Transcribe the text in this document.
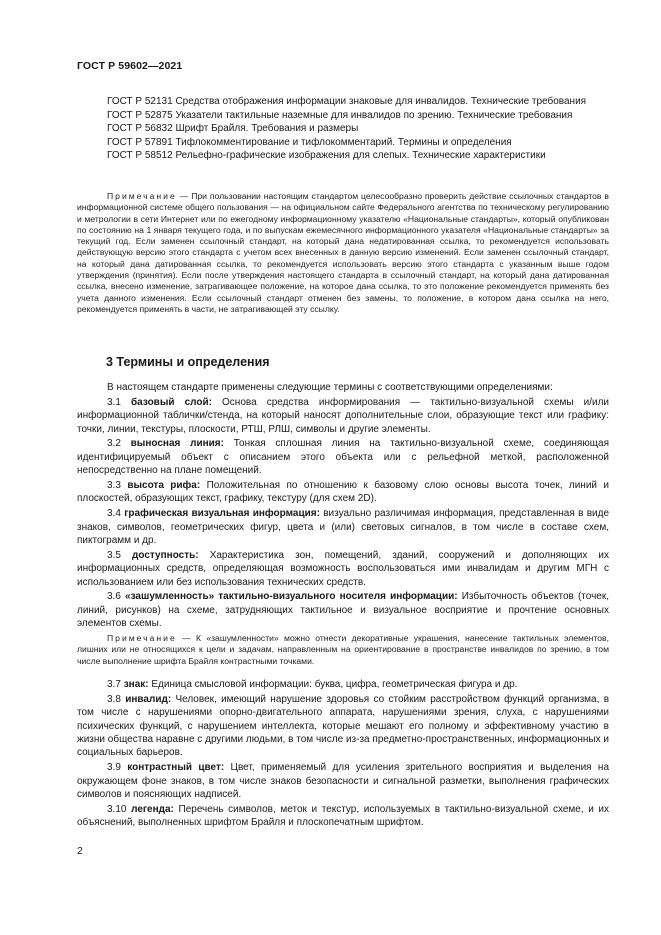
ГОСТ Р 59602—2021

ГОСТ Р 52131 Средства отображения информации знаковые для инвалидов. Технические требования

ГОСТ Р 52875 Указатели тактильные наземные для инвалидов по зрению. Технические требования

ГОСТ Р 56832 Шрифт Брайля. Требования и размеры

ГОСТ Р 57891 Тифлокомментирование и тифлокомментарий. Термины и определения

ГОСТ Р 58512 Рельефно-графические изображения для слепых. Технические характеристики

Примечание — При пользовании настоящим стандартом целесообразно проверить действие ссылочных стандартов в информационной системе общего пользования — на официальном сайте Федерального агентства по техническому регулированию и метрологии в сети Интернет или по ежегодному информационному указателю «Национальные стандарты», который опубликован по состоянию на 1 января текущего года, и по выпускам ежемесячного информационного указателя «Национальные стандарты» за текущий год. Если заменен ссылочный стандарт, на который дана недатированная ссылка, то рекомендуется использовать действующую версию этого стандарта с учетом всех внесенных в данную версию изменений. Если заменен ссылочный стандарт, на который дана датированная ссылка, то рекомендуется использовать версию этого стандарта с указанным выше годом утверждения (принятия). Если после утверждения настоящего стандарта в ссылочный стандарт, на который дана датированная ссылка, внесено изменение, затрагивающее положение, на которое дана ссылка, то это положение рекомендуется применять без учета данного изменения. Если ссылочный стандарт отменен без замены, то положение, в котором дана ссылка на него, рекомендуется применять в части, не затрагивающей эту ссылку.

3 Термины и определения

В настоящем стандарте применены следующие термины с соответствующими определениями:

3.1 базовый слой: Основа средства информирования — тактильно-визуальной схемы и/или информационной таблички/стенда, на который наносят дополнительные слои, образующие текст или графику: точки, линии, текстуры, плоскости, РТШ, РЛШ, символы и другие элементы.

3.2 выносная линия: Тонкая сплошная линия на тактильно-визуальной схеме, соединяющая идентифицируемый объект с описанием этого объекта или с рельефной меткой, расположенной непосредственно на плане помещений.

3.3 высота рифа: Положительная по отношению к базовому слою основы высота точек, линий и плоскостей, образующих текст, графику, текстуру (для схем 2D).

3.4 графическая визуальная информация: визуально различимая информация, представленная в виде знаков, символов, геометрических фигур, цвета и (или) световых сигналов, в том числе в составе схем, пиктограмм и др.

3.5 доступность: Характеристика зон, помещений, зданий, сооружений и дополняющих их информационных средств, определяющая возможность воспользоваться ими инвалидам и другим МГН с использованием или без использования технических средств.

3.6 «зашумленность» тактильно-визуального носителя информации: Избыточность объектов (точек, линий, рисунков) на схеме, затрудняющих тактильное и визуальное восприятие и прочтение основных элементов схемы.

Примечание — К «зашумленности» можно отнести декоративные украшения, нанесение тактильных элементов, лишних или не относящихся к цели и задачам, направленным на ориентирование в пространстве инвалидов по зрению, в том числе выполнение шрифта Брайля контрастными точками.

3.7 знак: Единица смысловой информации: буква, цифра, геометрическая фигура и др.

3.8 инвалид: Человек, имеющий нарушение здоровья со стойким расстройством функций организма, в том числе с нарушениями опорно-двигательного аппарата, нарушениями зрения, слуха, с нарушениями психических функций, с нарушением интеллекта, которые мешают его полному и эффективному участию в жизни общества наравне с другими людьми, в том числе из-за предметно-пространственных, информационных и социальных барьеров.

3.9 контрастный цвет: Цвет, применяемый для усиления зрительного восприятия и выделения на окружающем фоне знаков, в том числе знаков безопасности и сигнальной разметки, выполнения графических символов и поясняющих надписей.

3.10 легенда: Перечень символов, меток и текстур, используемых в тактильно-визуальной схеме, и их объяснений, выполненных шрифтом Брайля и плоскопечатным шрифтом.

2
